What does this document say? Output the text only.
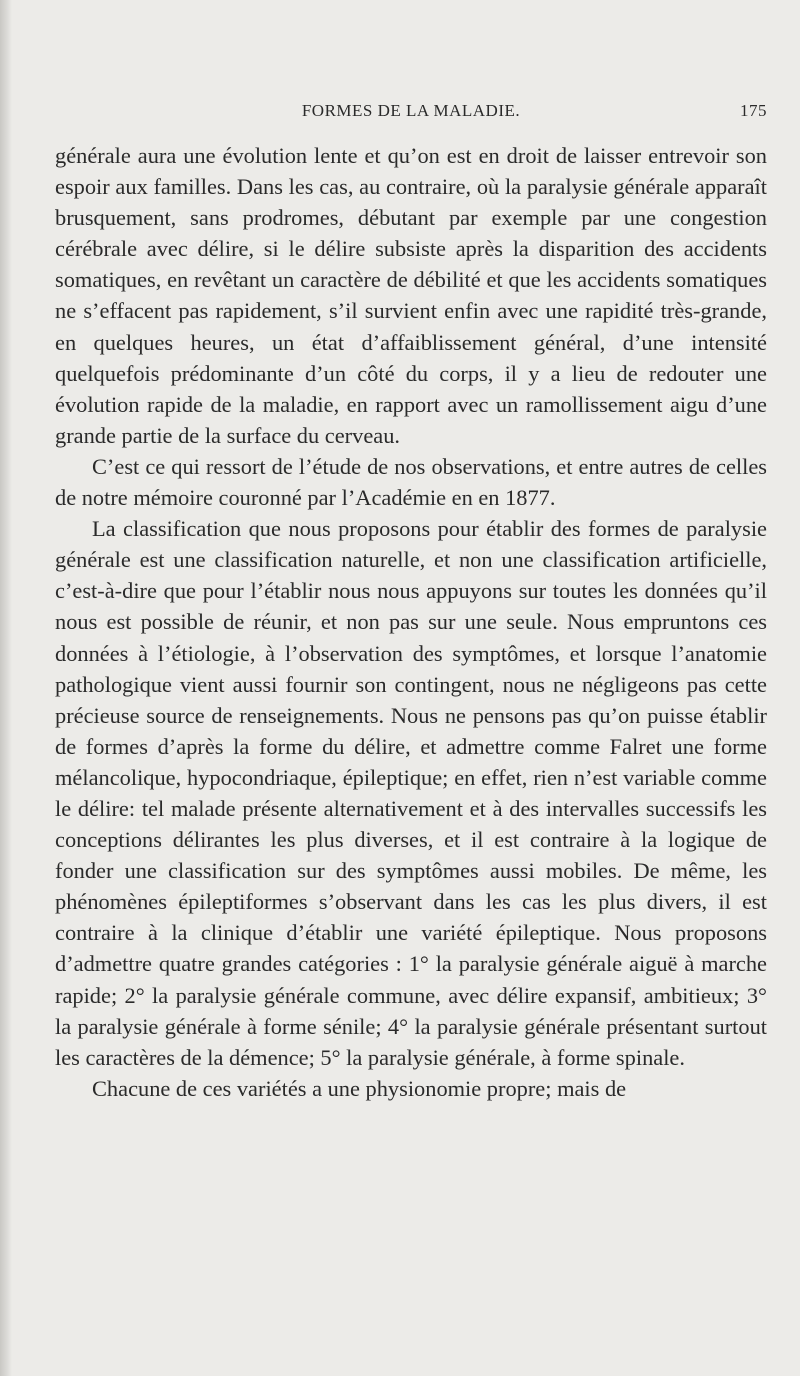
FORMES DE LA MALADIE.	175

générale aura une évolution lente et qu’on est en droit de laisser entrevoir son espoir aux familles. Dans les cas, au contraire, où la paralysie générale apparaît brusquement, sans prodromes, débutant par exemple par une congestion cérébrale avec délire, si le délire subsiste après la disparition des accidents somatiques, en revêtant un caractère de débilité et que les accidents somatiques ne s’effacent pas rapidement, s’il survient enfin avec une rapidité très-grande, en quelques heures, un état d’affaiblissement général, d’une intensité quelquefois prédominante d’un côté du corps, il y a lieu de redouter une évolution rapide de la maladie, en rapport avec un ramollissement aigu d’une grande partie de la surface du cerveau.

C’est ce qui ressort de l’étude de nos observations, et entre autres de celles de notre mémoire couronné par l’Académie en en 1877.

La classification que nous proposons pour établir des formes de paralysie générale est une classification naturelle, et non une classification artificielle, c’est-à-dire que pour l’établir nous nous appuyons sur toutes les données qu’il nous est possible de réunir, et non pas sur une seule. Nous empruntons ces données à l’étiologie, à l’observation des symptômes, et lorsque l’anatomie pathologique vient aussi fournir son contingent, nous ne négligeons pas cette précieuse source de renseignements. Nous ne pensons pas qu’on puisse établir de formes d’après la forme du délire, et admettre comme Falret une forme mélancolique, hypocondriaque, épileptique; en effet, rien n’est variable comme le délire: tel malade présente alternativement et à des intervalles successifs les conceptions délirantes les plus diverses, et il est contraire à la logique de fonder une classification sur des symptômes aussi mobiles. De même, les phénomènes épileptiformes s’observant dans les cas les plus divers, il est contraire à la clinique d’établir une variété épileptique. Nous proposons d’admettre quatre grandes catégories : 1° la paralysie générale aiguë à marche rapide; 2° la paralysie générale commune, avec délire expansif, ambitieux; 3° la paralysie générale à forme sénile; 4° la paralysie générale présentant surtout les caractères de la démence; 5° la paralysie générale, à forme spinale.

Chacune de ces variétés a une physionomie propre; mais de
